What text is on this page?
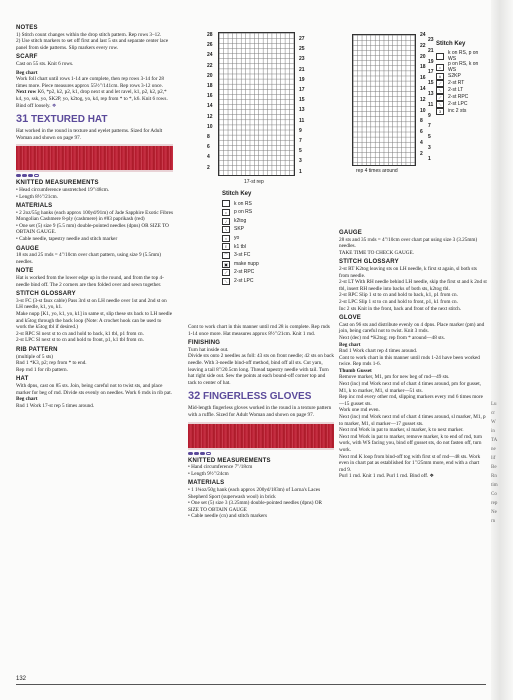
NOTES

1) Stitch count changes within the drop stitch pattern. Rep rows 3–12.

2) Use stitch markers to set off first and last 5 sts and separate center lace panel from side patterns. Slip markers every row.

SCARF

Cast on 55 sts. Knit 6 rows.

Beg chart

Work foll chart until rows 1-14 are complete, then rep rows 3-14 for 28 times more. Piece measures approx 55½"/141cm. Rep rows 3-12 once.

Next row K6, *p2, k2, p2, k1, drop next st and let ravel, k1, p2, k2, p2,* k4, yo, ssk, yo, SK2P, yo, k2tog, yo, k4, rep from * to *, k6. Knit 6 rows. Bind off loosely. ❖

31 TEXTURED HAT

Hat worked in the round in texture and eyelet patterns. Sized for Adult Woman and shown on page 97.

KNITTED MEASUREMENTS

• Head circumference unstretched 19"/48cm.

• Length 8½"/21cm.

MATERIALS

• 2 2oz/55g hanks (each approx 100yd/91m) of Jade Sapphire Exotic Fibres Mongolian Cashmere 8-ply (cashmere) in #83 paprikash (red)

• One set (5) size 9 (5.5 mm) double-pointed needles (dpns) OR SIZE TO OBTAIN GAUGE.

• Cable needle, tapestry needle and stitch marker

GAUGE

18 sts and 25 rnds = 4"/10cm over chart pattern, using size 9 (5.5mm) needles.

NOTE

Hat is worked from the lower edge up in the round, and from the top 4-needle bind off. The 2 corners are then folded over and sewn together.

STITCH GLOSSARY

3-st FC (3-st faux cable) Pass 3rd st on LH needle over 1st and 2nd st on LH needle, k1, yo, k1.

Make nupp [K1, yo, k1, yo, k1] in same st, slip these sts back to LH needle and k5tog through the back loop (Note: A crochet hook can be used to work the k5tog tbl if desired.)

2-st RPC Sl next st to cn and hold to back, k1 tbl, p1 from cn.

2-st LPC Sl next st to cn and hold to front, p1, k1 tbl from cn.

RIB PATTERN

(multiple of 5 sts)

Rnd 1 *K3, p2; rep from * to end.

Rep rnd 1 for rib pattern.

HAT

With dpns, cast on 85 sts. Join, being careful not to twist sts, and place marker for beg of rnd. Divide sts evenly on needles. Work 6 rnds in rib pat.

Beg chart

Rnd 1 Work 17-st rep 5 times around.

28
26
24
22
20
18
16
14
12
10
8
6
4
2
27
25
23
21
19
17
15
13
11
9
7
5
3
1
17-st rep
Stitch Key
k on RS
•	p on RS
/	k2tog
\	SKP
○	yo
ℓ	k1 tbl
⌒	3-st FC
▣	make nupp
⟋	2-st RPC
⟍	2-st LPC

Cont to work chart in this manner until rnd 28 is complete. Rep rnds 1-14 once more. Hat measures approx 8½"/21cm. Knit 1 rnd.

FINISHING

Turn hat inside out.

Divide sts onto 2 needles as foll: 43 sts on front needle; 42 sts on back needle. With 3-needle bind-off method, bind off all sts. Cut yarn, leaving a tail 8"/20.5cm long. Thread tapestry needle with tail. Turn hat right side out. Sew the points at each bound-off corner top and tack to center of hat.

32 FINGERLESS GLOVES

Mid-length fingerless gloves worked in the round in a texture pattern with a ruffle. Sized for Adult Woman and shown on page 97.

KNITTED MEASUREMENTS

• Hand circumference 7"/18cm

• Length 9½"/24cm

MATERIALS

• 1 1¾oz/50g hank (each approx 200yd/183m) of Lorna's Laces Shepherd Sport (superwash wool) in brick

• One set (5) size 3 (3.25mm) double-pointed needles (dpns) OR SIZE TO OBTAIN GAUGE

• Cable needle (cn) and stitch markers

24
22
20
18
16
14
12
10
8
6
4
2
23
21
19
17
15
13
11
9
7
5
3
1
rep 4 times around
Stitch Key
k on RS, p on WS
•
p on RS, k on WS
∧	S2KP
⟋	2-st RT
⟍	2-st LT
⟋	2-st RPC
⟍	2-st LPC
3	inc 2 sts
GAUGE

28 sts and 35 rnds = 4"/10cm over chart pat using size 3 (3.25mm) needles.

TAKE TIME TO CHECK GAUGE.

STITCH GLOSSARY

2-st RT K2tog leaving sts on LH needle, k first st again, sl both sts from needle.

2-st LT With RH needle behind LH needle, skip the first st and k 2nd st tbl, insert RH needle into backs of both sts, k2tog tbl.

2-st RPC Slip 1 st to cn and hold to back, k1, p1 from cn.

2-st LPC Slip 1 st to cn and hold to front, p1, k1 from cn.

Inc 2 sts Knit in the front, back and front of the next stitch.

GLOVE

Cast on 96 sts and distribute evenly on 4 dpns. Place marker (pm) and join, being careful not to twist. Knit 3 rnds.

Next (dec) rnd *K2tog; rep from * around—48 sts.

Beg chart

Rnd 1 Work chart rep 4 times around.

Cont to work chart in this manner until rnds 1-24 have been worked twice. Rep rnds 1-6.

Thumb Gusset

Remove marker, M1, pm for new beg of rnd—49 sts.

Next (inc) rnd Work next rnd of chart 4 times around, pm for gusset, M1, k to marker, M1, sl marker—51 sts.

Rep inc rnd every other rnd, slipping markers every rnd 6 times more—15 gusset sts.

Work one rnd even.

Next (inc) rnd Work next rnd of chart 4 times around, sl marker, M1, p to marker, M1, sl marker—17 gusset sts.

Next rnd Work in pat to marker, sl marker, k to next marker.

Next rnd Work in pat to marker, remove marker, k to end of rnd, turn work, with WS facing you, bind off gusset sts, do not fasten off, turn work.

Next rnd K loop from bind-off tog with first st of rnd—48 sts. Work even in chart pat as established for 1"/25mm more, end with a chart rnd 9.

Purl 1 rnd. Knit 1 rnd. Purl 1 rnd. Bind off. ❖

Lu
cr
W
in
TA
ne
lif
Be
Rn
tim
Co
rep
Ne
rn
132
